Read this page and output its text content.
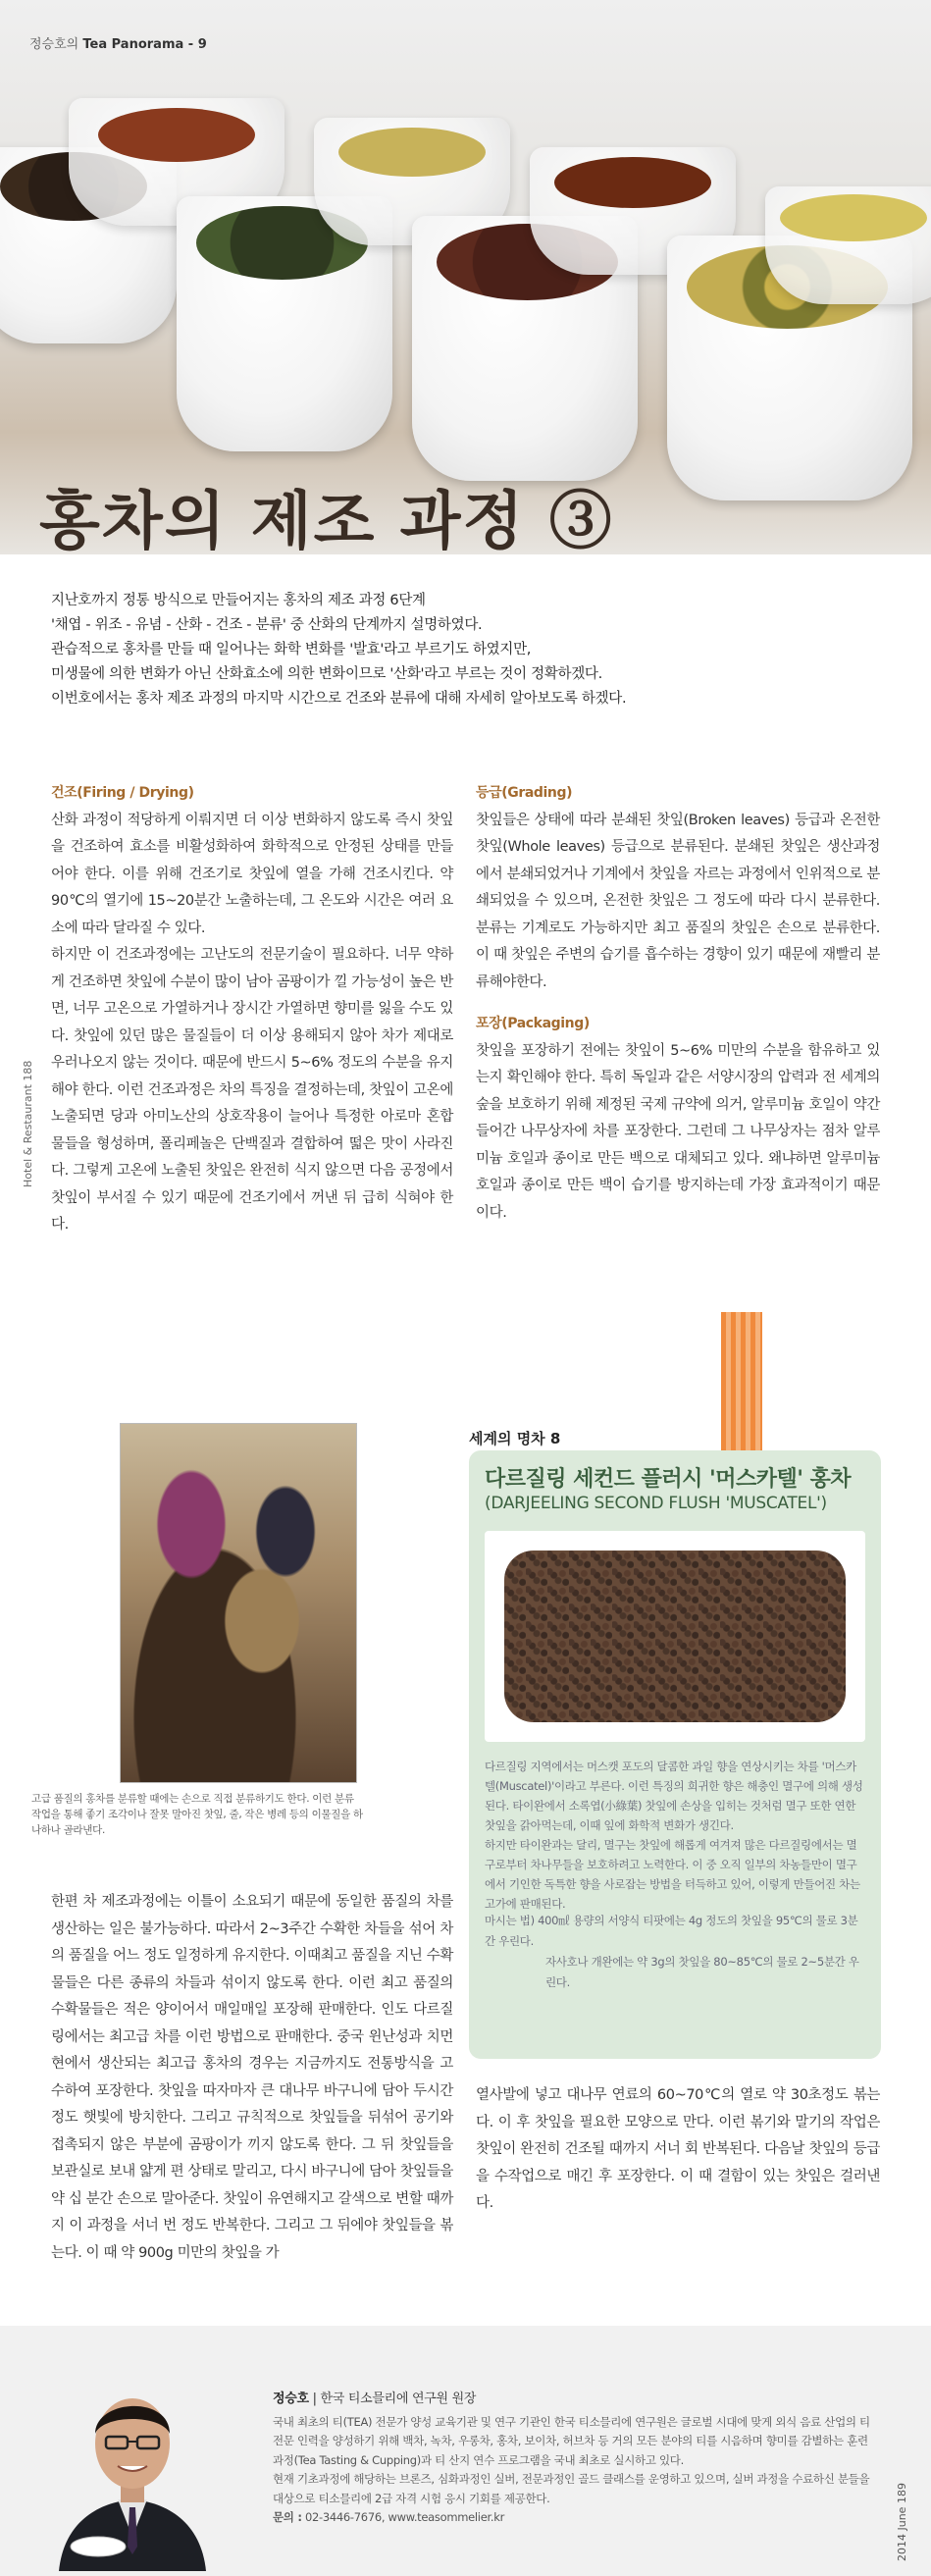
정승호의 Tea Panorama - 9
홍차의 제조 과정 ③

지난호까지 정통 방식으로 만들어지는 홍차의 제조 과정 6단계

'채엽 - 위조 - 유념 - 산화 - 건조 - 분류' 중 산화의 단계까지 설명하였다.

관습적으로 홍차를 만들 때 일어나는 화학 변화를 '발효'라고 부르기도 하였지만,

미생물에 의한 변화가 아닌 산화효소에 의한 변화이므로 '산화'라고 부르는 것이 정확하겠다.

이번호에서는 홍차 제조 과정의 마지막 시간으로 건조와 분류에 대해 자세히 알아보도록 하겠다.

Hotel & Restaurant 188
건조(Firing / Drying)

산화 과정이 적당하게 이뤄지면 더 이상 변화하지 않도록 즉시 찻잎을 건조하여 효소를 비활성화하여 화학적으로 안정된 상태를 만들어야 한다. 이를 위해 건조기로 찻잎에 열을 가해 건조시킨다. 약 90℃의 열기에 15~20분간 노출하는데, 그 온도와 시간은 여러 요소에 따라 달라질 수 있다.

하지만 이 건조과정에는 고난도의 전문기술이 필요하다. 너무 약하게 건조하면 찻잎에 수분이 많이 남아 곰팡이가 낄 가능성이 높은 반면, 너무 고온으로 가열하거나 장시간 가열하면 향미를 잃을 수도 있다. 찻잎에 있던 많은 물질들이 더 이상 용해되지 않아 차가 제대로 우러나오지 않는 것이다. 때문에 반드시 5~6% 정도의 수분을 유지해야 한다. 이런 건조과정은 차의 특징을 결정하는데, 찻잎이 고온에 노출되면 당과 아미노산의 상호작용이 늘어나 특정한 아로마 혼합물들을 형성하며, 폴리페놀은 단백질과 결합하여 떫은 맛이 사라진다. 그렇게 고온에 노출된 찻잎은 완전히 식지 않으면 다음 공정에서 찻잎이 부서질 수 있기 때문에 건조기에서 꺼낸 뒤 급히 식혀야 한다.

등급(Grading)

찻잎들은 상태에 따라 분쇄된 찻잎(Broken leaves) 등급과 온전한 찻잎(Whole leaves) 등급으로 분류된다. 분쇄된 찻잎은 생산과정에서 분쇄되었거나 기계에서 찻잎을 자르는 과정에서 인위적으로 분쇄되었을 수 있으며, 온전한 찻잎은 그 정도에 따라 다시 분류한다. 분류는 기계로도 가능하지만 최고 품질의 찻잎은 손으로 분류한다. 이 때 찻잎은 주변의 습기를 흡수하는 경향이 있기 때문에 재빨리 분류해야한다.

포장(Packaging)

찻잎을 포장하기 전에는 찻잎이 5~6% 미만의 수분을 함유하고 있는지 확인해야 한다. 특히 독일과 같은 서양시장의 압력과 전 세계의 숲을 보호하기 위해 제정된 국제 규약에 의거, 알루미늄 호일이 약간 들어간 나무상자에 차를 포장한다. 그런데 그 나무상자는 점차 알루미늄 호일과 종이로 만든 백으로 대체되고 있다. 왜냐하면 알루미늄 호일과 종이로 만든 백이 습기를 방지하는데 가장 효과적이기 때문이다.

고급 품질의 홍차를 분류할 때에는 손으로 직접 분류하기도 한다. 이런 분류 작업을 통해 좋기 조각이나 잘못 말아진 찻잎, 줄, 작은 병레 등의 이물질을 하나하나 골라낸다.
세계의 명차 8
다르질링 세컨드 플러시 '머스카텔' 홍차
(DARJEELING SECOND FLUSH 'MUSCATEL')

다르질링 지역에서는 머스캣 포도의 달콤한 과일 향을 연상시키는 차를 '머스카텔(Muscatel)'이라고 부른다. 이런 특징의 희귀한 향은 해충인 멸구에 의해 생성된다. 타이완에서 소록엽(小綠葉) 찻잎에 손상을 입히는 것처럼 멸구 또한 연한 찻잎을 갉아먹는데, 이때 잎에 화학적 변화가 생긴다.

하지만 타이완과는 달리, 멸구는 찻잎에 해롭게 여겨져 많은 다르질링에서는 멸구로부터 차나무들을 보호하려고 노력한다. 이 중 오직 일부의 차농들만이 멸구에서 기인한 독특한 향을 사로잡는 방법을 터득하고 있어, 이렇게 만들어진 차는 고가에 판매된다.

마시는 법) 400㎖ 용량의 서양식 티팟에는 4g 정도의 찻잎을 95℃의 물로 3분간 우린다.

자사호나 개완에는 약 3g의 찻잎을 80~85℃의 물로 2~5분간 우린다.

한편 차 제조과정에는 이틀이 소요되기 때문에 동일한 품질의 차를 생산하는 일은 불가능하다. 따라서 2~3주간 수확한 차들을 섞어 차의 품질을 어느 정도 일정하게 유지한다. 이때최고 품질을 지닌 수확물들은 다른 종류의 차들과 섞이지 않도록 한다. 이런 최고 품질의 수확물들은 적은 양이어서 매일매일 포장해 판매한다. 인도 다르질링에서는 최고급 차를 이런 방법으로 판매한다. 중국 윈난성과 치먼현에서 생산되는 최고급 홍차의 경우는 지금까지도 전통방식을 고수하여 포장한다. 찻잎을 따자마자 큰 대나무 바구니에 담아 두시간정도 햇빛에 방치한다. 그리고 규칙적으로 찻잎들을 뒤섞어 공기와 접촉되지 않은 부분에 곰팡이가 끼지 않도록 한다. 그 뒤 찻잎들을 보관실로 보내 얇게 편 상태로 말리고, 다시 바구니에 담아 찻잎들을 약 십 분간 손으로 말아준다. 찻잎이 유연해지고 갈색으로 변할 때까지 이 과정을 서너 번 정도 반복한다. 그리고 그 뒤에야 찻잎들을 볶는다. 이 때 약 900g 미만의 찻잎을 가

열사발에 넣고 대나무 연료의 60~70℃의 열로 약 30초정도 볶는다. 이 후 찻잎을 필요한 모양으로 만다. 이런 볶기와 말기의 작업은 찻잎이 완전히 건조될 때까지 서너 회 반복된다. 다음날 찻잎의 등급을 수작업으로 매긴 후 포장한다. 이 때 결함이 있는 찻잎은 걸러낸다.

정승호 | 한국 티소믈리에 연구원 원장

국내 최초의 티(TEA) 전문가 양성 교육기관 및 연구 기관인 한국 티소믈리에 연구원은 글로벌 시대에 맞게 외식 음료 산업의 티 전문 인력을 양성하기 위해 백차, 녹차, 우롱차, 홍차, 보이차, 허브차 등 거의 모든 분야의 티를 시음하며 향미를 감별하는 훈련과정(Tea Tasting & Cupping)과 티 산지 연수 프로그램을 국내 최초로 실시하고 있다.

현재 기초과정에 해당하는 브론즈, 심화과정인 실버, 전문과정인 골드 클래스를 운영하고 있으며, 실버 과정을 수료하신 분들을 대상으로 티소믈리에 2급 자격 시험 응시 기회를 제공한다.

문의 : 02-3446-7676, www.teasommelier.kr	2014 June 189
